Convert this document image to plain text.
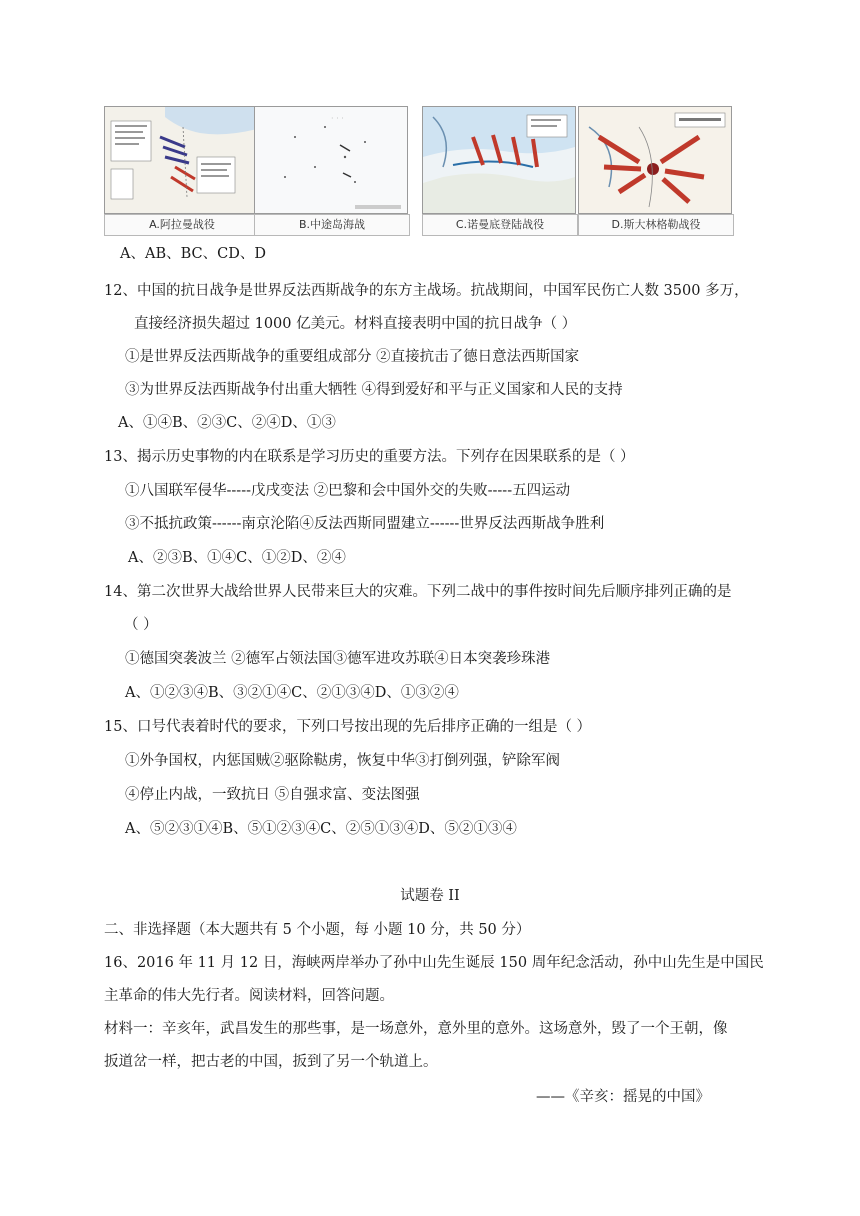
A.阿拉曼战役
· · ·
B.中途岛海战	C.诺曼底登陆战役	D.斯大林格勒战役
A、AB、BC、CD、D
12、中国的抗日战争是世界反法西斯战争的东方主战场。抗战期间，中国军民伤亡人数 3500 多万，
直接经济损失超过 1000 亿美元。材料直接表明中国的抗日战争（ ）
①是世界反法西斯战争的重要组成部分 ②直接抗击了德日意法西斯国家
③为世界反法西斯战争付出重大牺牲 ④得到爱好和平与正义国家和人民的支持
A、①④B、②③C、②④D、①③
13、揭示历史事物的内在联系是学习历史的重要方法。下列存在因果联系的是（ ）
①八国联军侵华-----戊戌变法 ②巴黎和会中国外交的失败-----五四运动
③不抵抗政策------南京沦陷④反法西斯同盟建立------世界反法西斯战争胜利
A、②③B、①④C、①②D、②④
14、第二次世界大战给世界人民带来巨大的灾难。下列二战中的事件按时间先后顺序排列正确的是
（ ）
①德国突袭波兰 ②德军占领法国③德军进攻苏联④日本突袭珍珠港
A、①②③④B、③②①④C、②①③④D、①③②④
15、口号代表着时代的要求，下列口号按出现的先后排序正确的一组是（ ）
①外争国权，内惩国贼②驱除鞑虏，恢复中华③打倒列强，铲除军阀
④停止内战，一致抗日 ⑤自强求富、变法图强
A、⑤②③①④B、⑤①②③④C、②⑤①③④D、⑤②①③④
试题卷 II
二、非选择题（本大题共有 5 个小题，每 小题 10 分，共 50 分）
16、2016 年 11 月 12 日，海峡两岸举办了孙中山先生诞辰 150 周年纪念活动，孙中山先生是中国民
主革命的伟大先行者。阅读材料，回答问题。
材料一：辛亥年，武昌发生的那些事，是一场意外，意外里的意外。这场意外，毁了一个王朝，像
扳道岔一样，把古老的中国，扳到了另一个轨道上。
——《辛亥：摇晃的中国》
